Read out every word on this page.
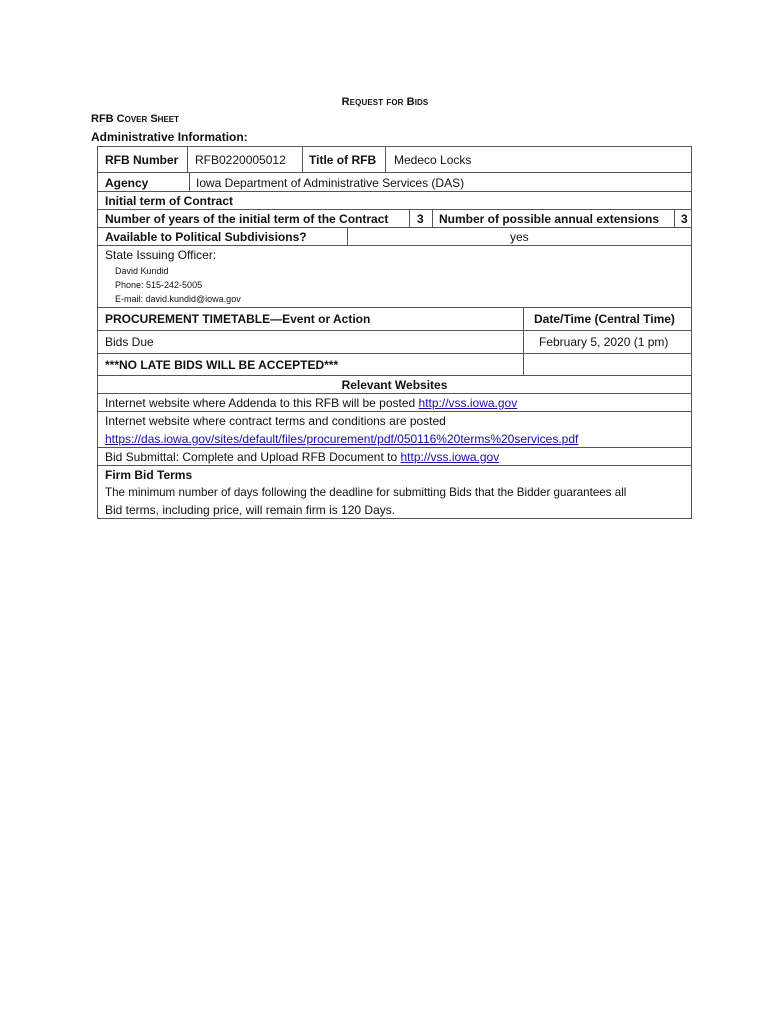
Request for Bids
RFB Cover Sheet
Administrative Information:
RFB Number RFB0220005012 Title of RFB Medeco Locks
Agency	Iowa Department of Administrative Services (DAS)
Initial term of Contract
Number of years of the initial term of the Contract 3 Number of possible annual extensions 3
Available to Political Subdivisions?	yes
State Issuing Officer:
David Kundid
Phone: 515-242-5005
E-mail: david.kundid@iowa.gov
PROCUREMENT TIMETABLE—Event or Action	Date/Time (Central Time)
Bids Due	February 5, 2020 (1 pm)
***NO LATE BIDS WILL BE ACCEPTED***
Relevant Websites
Internet website where Addenda to this RFB will be posted http://vss.iowa.gov
Internet website where contract terms and conditions are posted
https://das.iowa.gov/sites/default/files/procurement/pdf/050116%20terms%20services.pdf
Bid Submittal: Complete and Upload RFB Document to http://vss.iowa.gov
Firm Bid Terms
The minimum number of days following the deadline for submitting Bids that the Bidder guarantees all
Bid terms, including price, will remain firm is 120 Days.
